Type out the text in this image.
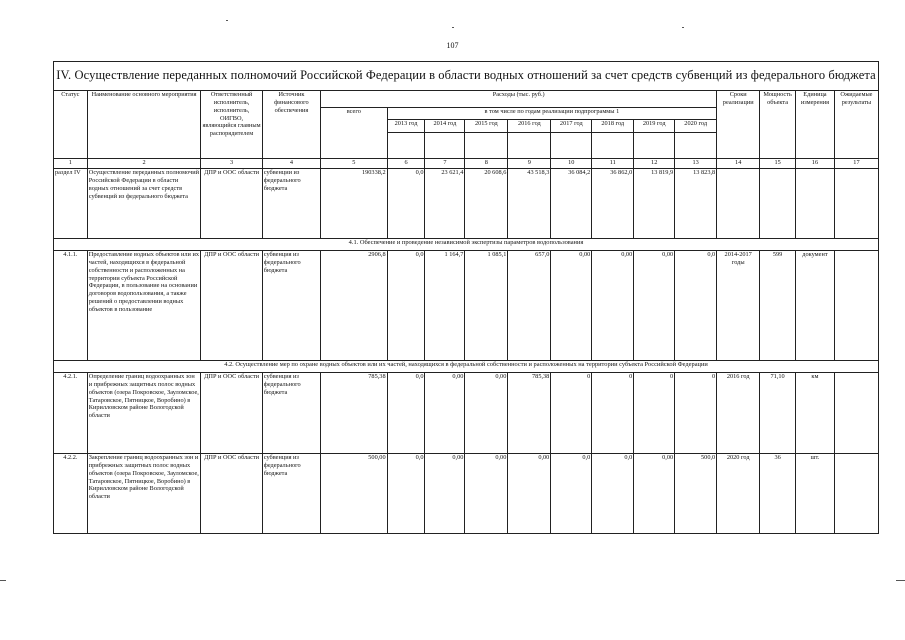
107
IV. Осуществление переданных полномочий Российской Федерации в области водных отношений за счет средств субвенций из федерального бюджета
Статус	Наименование основного мероприятия	Ответственный исполнитель, исполнитель, ОИГВО, являющийся главным распорядителем	Источник финансового обеспечения	Расходы (тыс. руб.)									Сроки реализации	Мощность объекта	Единица измерения	Ожидаемые результаты
				всего	в том числе по годам реализации подпрограммы 1											
					2013 год	2014 год	2015 год	2016 год	2017 год	2018 год	2019 год	2020 год				

1	2	3	4	5	6	7	8	9	10	11	12	13	14	15	16	17
раздел IV	Осуществление переданных полномочий Российской Федерации в области водных отношений за счет средств субвенций из федерального бюджета	ДПР и ООС области	субвенции из федерального бюджета	190338,2	0,0	23 621,4	20 608,6	43 518,3	36 084,2	36 862,0	13 819,9	13 823,8				
4.1. Обеспечение и проведение независимой экспертизы параметров водопользования																
4.1.1.	Предоставление водных объектов или их частей, находящихся в федеральной собственности и расположенных на территории субъекта Российской Федерации, в пользование на основании договоров водопользования, а также решений о предоставлении водных объектов в пользование	ДПР и ООС области	субвенция из федерального бюджета	2906,8	0,0	1 164,7	1 085,1	657,0	0,00	0,00	0,00	0,0	2014-2017 годы	599	документ	
4.2. Осуществление мер по охране водных объектов или их частей, находящихся в федеральной собственности и расположенных на территории субъекта Российской Федерации																
4.2.1.	Определение границ водоохранных зон и прибрежных защитных полос водных объектов (озера Покровское, Зауломское, Татаровское, Пятницкое, Воробино) в Кирилловском районе Вологодской области	ДПР и ООС области	субвенция из федерального бюджета	785,38	0,0	0,00	0,00	785,38	0	0	0	0	2016 год	71,10	км	
4.2.2.	Закрепление границ водоохранных зон и прибрежных защитных полос водных объектов (озера Покровское, Зауломское, Татаровское, Пятницкое, Воробино) в Кирилловском районе Вологодской области	ДПР и ООС области	субвенция из федерального бюджета	500,00	0,0	0,00	0,00	0,00	0,0	0,0	0,00	500,0	2020 год	36	шт.	
